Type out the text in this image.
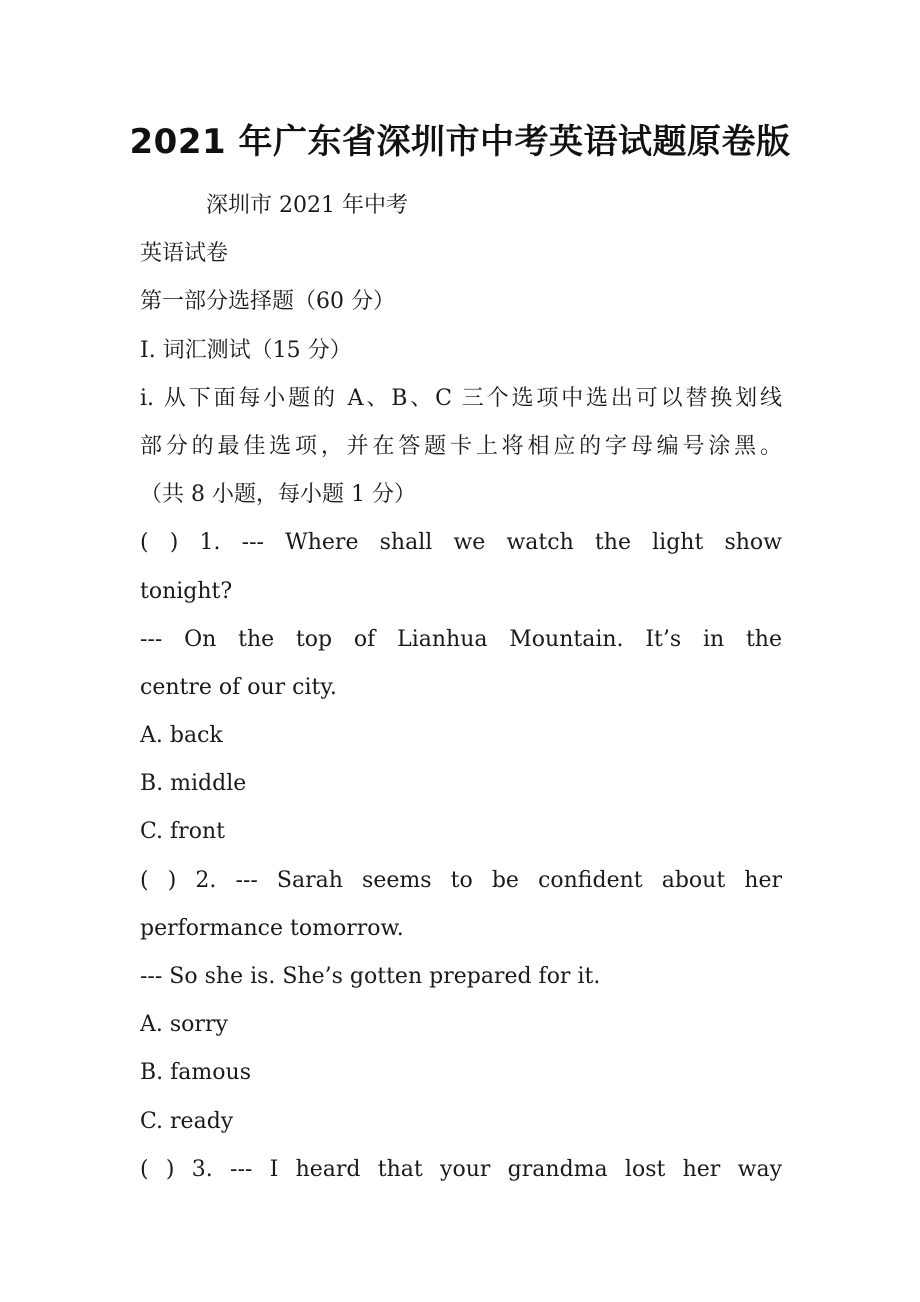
2021 年广东省深圳市中考英语试题原卷版
深圳市 2021 年中考
英语试卷
第一部分选择题（60 分）
I. 词汇测试（15 分）
i. 从下面每小题的 A、B、C 三个选项中选出可以替换划线
部分的最佳选项，并在答题卡上将相应的字母编号涂黑。
（共 8 小题，每小题 1 分）
( ) 1. --- Where shall we watch the light show
tonight?
--- On the top of Lianhua Mountain. It’s in the
centre of our city.
A. back
B. middle
C. front
( ) 2. --- Sarah seems to be confident about her
performance tomorrow.
--- So she is. She’s gotten prepared for it.
A. sorry
B. famous
C. ready
( ) 3. --- I heard that your grandma lost her way
